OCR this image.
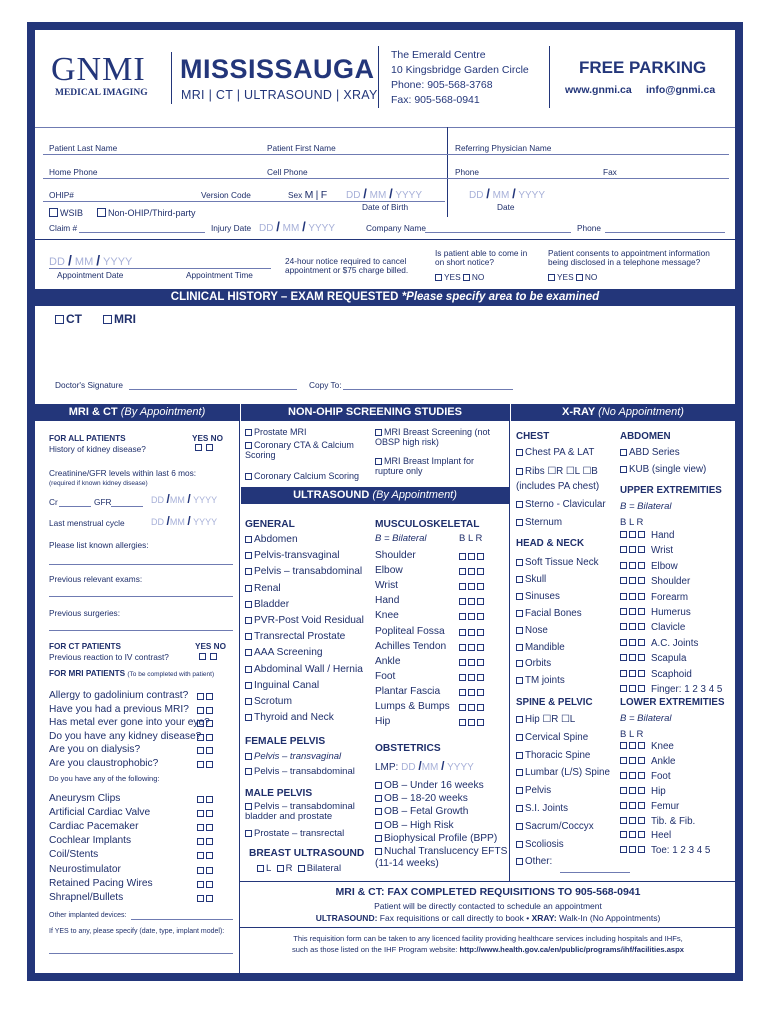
GNMI
MEDICAL IMAGING
MISSISSAUGA
MRI | CT | ULTRASOUND | XRAY
The Emerald Centre
10 Kingsbridge Garden Circle
Phone: 905-568-3768
Fax: 905-568-0941
FREE PARKING
www.gnmi.ca info@gnmi.ca
Patient Last Name	Patient First Name	Referring Physician Name
Home Phone	Cell Phone	Phone	Fax
OHIP#	Version Code	Sex M | F DD / MM / YYYY	DD / MM / YYYY
Date of Birth	Date
WSIB	Non-OHIP/Third-party
Claim #	Injury Date DD / MM / YYYY	Company Name	Phone
DD / MM / YYYY
Appointment Date	Appointment Time
24-hour notice required to cancel appointment or $75 charge billed.
Is patient able to come in on short notice?
YES NO
Patient consents to appointment information being disclosed in a telephone message?
YES NO
CLINICAL HISTORY – EXAM REQUESTED *Please specify area to be examined
CT	MRI
Doctor's Signature	Copy To:
MRI & CT (By Appointment)
FOR ALL PATIENTS	YES NO
History of kidney disease?

Creatinine/GFR levels within last 6 mos:
(required if known kidney disease)
Cr	GFR	DD /MM / YYYY
Last menstrual cycle	DD /MM / YYYY
Please list known allergies:
Previous relevant exams:
Previous surgeries:
FOR CT PATIENTS	YES NO
Previous reaction to IV contrast?

FOR MRI PATIENTS (To be completed with patient)
Allergy to gadolinium contrast?
Have you had a previous MRI?
Has metal ever gone into your eye?
Do you have any kidney disease?
Are you on dialysis?
Are you claustrophobic?
Do you have any of the following:
Aneurysm Clips
Artificial Cardiac Valve
Cardiac Pacemaker
Cochlear Implants
Coil/Stents
Neurostimulator
Retained Pacing Wires
Shrapnel/Bullets
Other implanted devices:
If YES to any, please specify (date, type, implant model):
NON-OHIP SCREENING STUDIES
Prostate MRI
Coronary CTA & Calcium Scoring
Coronary Calcium Scoring
MRI Breast Screening (not OBSP high risk)
MRI Breast Implant for rupture only
ULTRASOUND (By Appointment)
GENERAL
Abdomen
Pelvis-transvaginal
Pelvis – transabdominal
Renal
Bladder
PVR-Post Void Residual
Transrectal Prostate
AAA Screening
Abdominal Wall / Hernia
Inguinal Canal
Scrotum
Thyroid and Neck
FEMALE PELVIS
Pelvis – transvaginal
Pelvis – transabdominal
MALE PELVIS
Pelvis – transabdominal bladder and prostate
Prostate – transrectal
BREAST ULTRASOUND
L R Bilateral
MUSCULOSKELETAL
B = Bilateral	B L R
Shoulder
Elbow
Wrist
Hand
Knee
Popliteal Fossa
Achilles Tendon
Ankle
Foot
Plantar Fascia
Lumps & Bumps
Hip
OBSTETRICS
LMP: DD /MM / YYYY
OB – Under 16 weeks
OB – 18-20 weeks
OB – Fetal Growth
OB – High Risk
Biophysical Profile (BPP)
Nuchal Translucency EFTS (11-14 weeks)
X-RAY (No Appointment)
CHEST
Chest PA & LAT
Ribs ☐R ☐L ☐B (includes PA chest)
Sterno - Clavicular
Sternum
HEAD & NECK
Soft Tissue Neck
Skull
Sinuses
Facial Bones
Nose
Mandible
Orbits
TM joints
SPINE & PELVIC
Hip ☐R ☐L
Cervical Spine
Thoracic Spine
Lumbar (L/S) Spine
Pelvis
S.I. Joints
Sacrum/Coccyx
Scoliosis
Other:
ABDOMEN
ABD Series
KUB (single view)
UPPER EXTREMITIES
B = Bilateral
B L R
Hand
Wrist
Elbow
Shoulder
Forearm
Humerus
Clavicle
A.C. Joints
Scapula
Scaphoid
Finger: 1 2 3 4 5
LOWER EXTREMITIES
B = Bilateral
B L R
Knee
Ankle
Foot
Hip
Femur
Tib. & Fib.
Heel
Toe: 1 2 3 4 5
MRI & CT: FAX COMPLETED REQUISITIONS TO 905-568-0941
Patient will be directly contacted to schedule an appointment
ULTRASOUND: Fax requisitions or call directly to book • XRAY: Walk-In (No Appointments)
This requisition form can be taken to any licenced facility providing healthcare services including hospitals and IHFs,
such as those listed on the IHF Program website: http://www.health.gov.ca/en/public/programs/ihf/facilities.aspx
